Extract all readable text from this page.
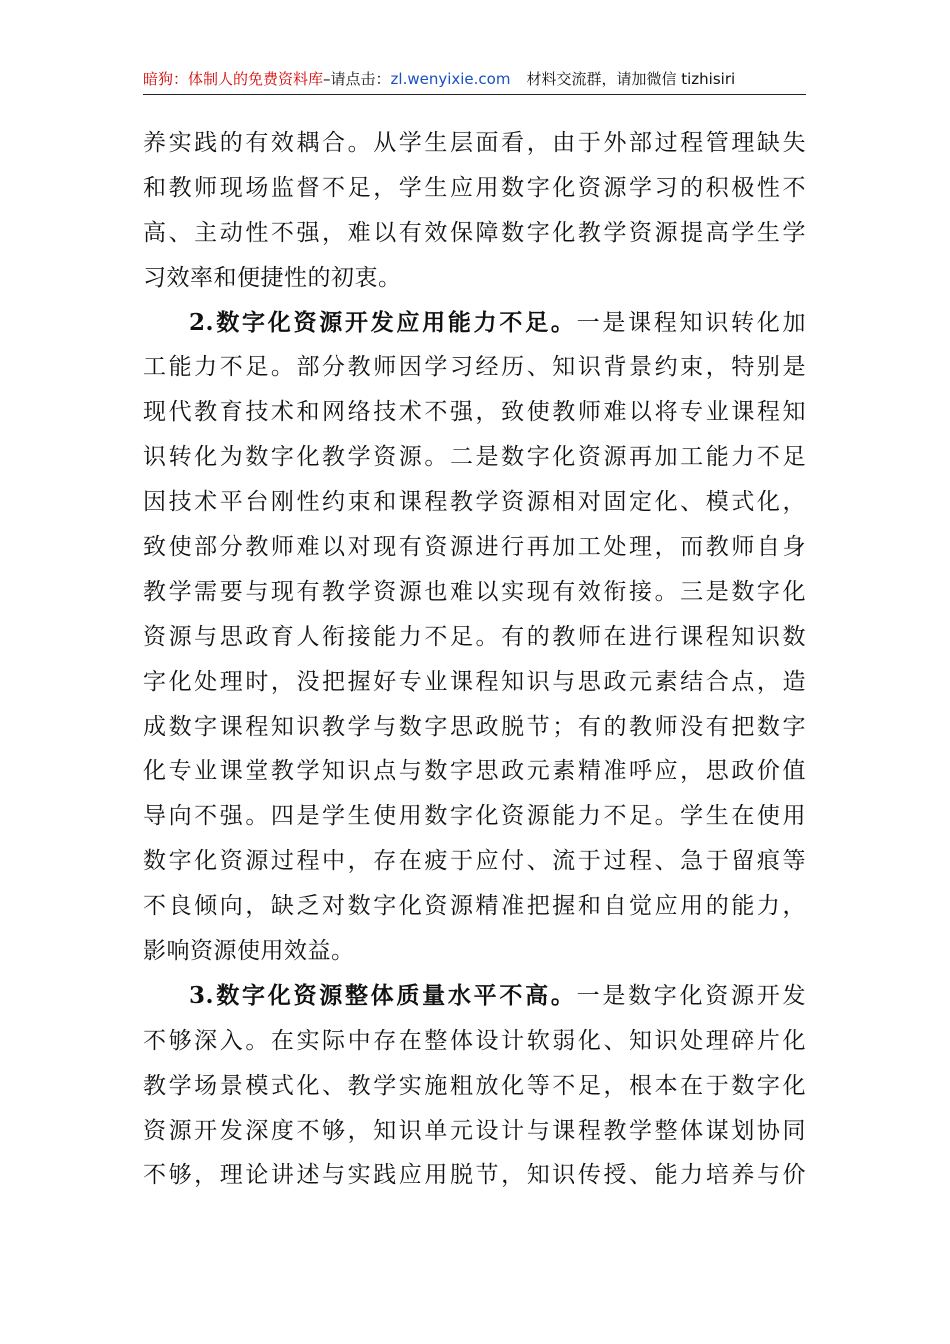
暗狗：体制人的免费资料库–请点击：zl.wenyixie.com 材料交流群，请加微信 tizhisiri
养实践的有效耦合。从学生层面看，由于外部过程管理缺失
和教师现场监督不足，学生应用数字化资源学习的积极性不
高、主动性不强，难以有效保障数字化教学资源提高学生学
习效率和便捷性的初衷。
2.数字化资源开发应用能力不足。一是课程知识转化加
工能力不足。部分教师因学习经历、知识背景约束，特别是
现代教育技术和网络技术不强，致使教师难以将专业课程知
识转化为数字化教学资源。二是数字化资源再加工能力不足
因技术平台刚性约束和课程教学资源相对固定化、模式化，
致使部分教师难以对现有资源进行再加工处理，而教师自身
教学需要与现有教学资源也难以实现有效衔接。三是数字化
资源与思政育人衔接能力不足。有的教师在进行课程知识数
字化处理时，没把握好专业课程知识与思政元素结合点，造
成数字课程知识教学与数字思政脱节；有的教师没有把数字
化专业课堂教学知识点与数字思政元素精准呼应，思政价值
导向不强。四是学生使用数字化资源能力不足。学生在使用
数字化资源过程中，存在疲于应付、流于过程、急于留痕等
不良倾向，缺乏对数字化资源精准把握和自觉应用的能力，
影响资源使用效益。
3.数字化资源整体质量水平不高。一是数字化资源开发
不够深入。在实际中存在整体设计软弱化、知识处理碎片化
教学场景模式化、教学实施粗放化等不足，根本在于数字化
资源开发深度不够，知识单元设计与课程教学整体谋划协同
不够，理论讲述与实践应用脱节，知识传授、能力培养与价
